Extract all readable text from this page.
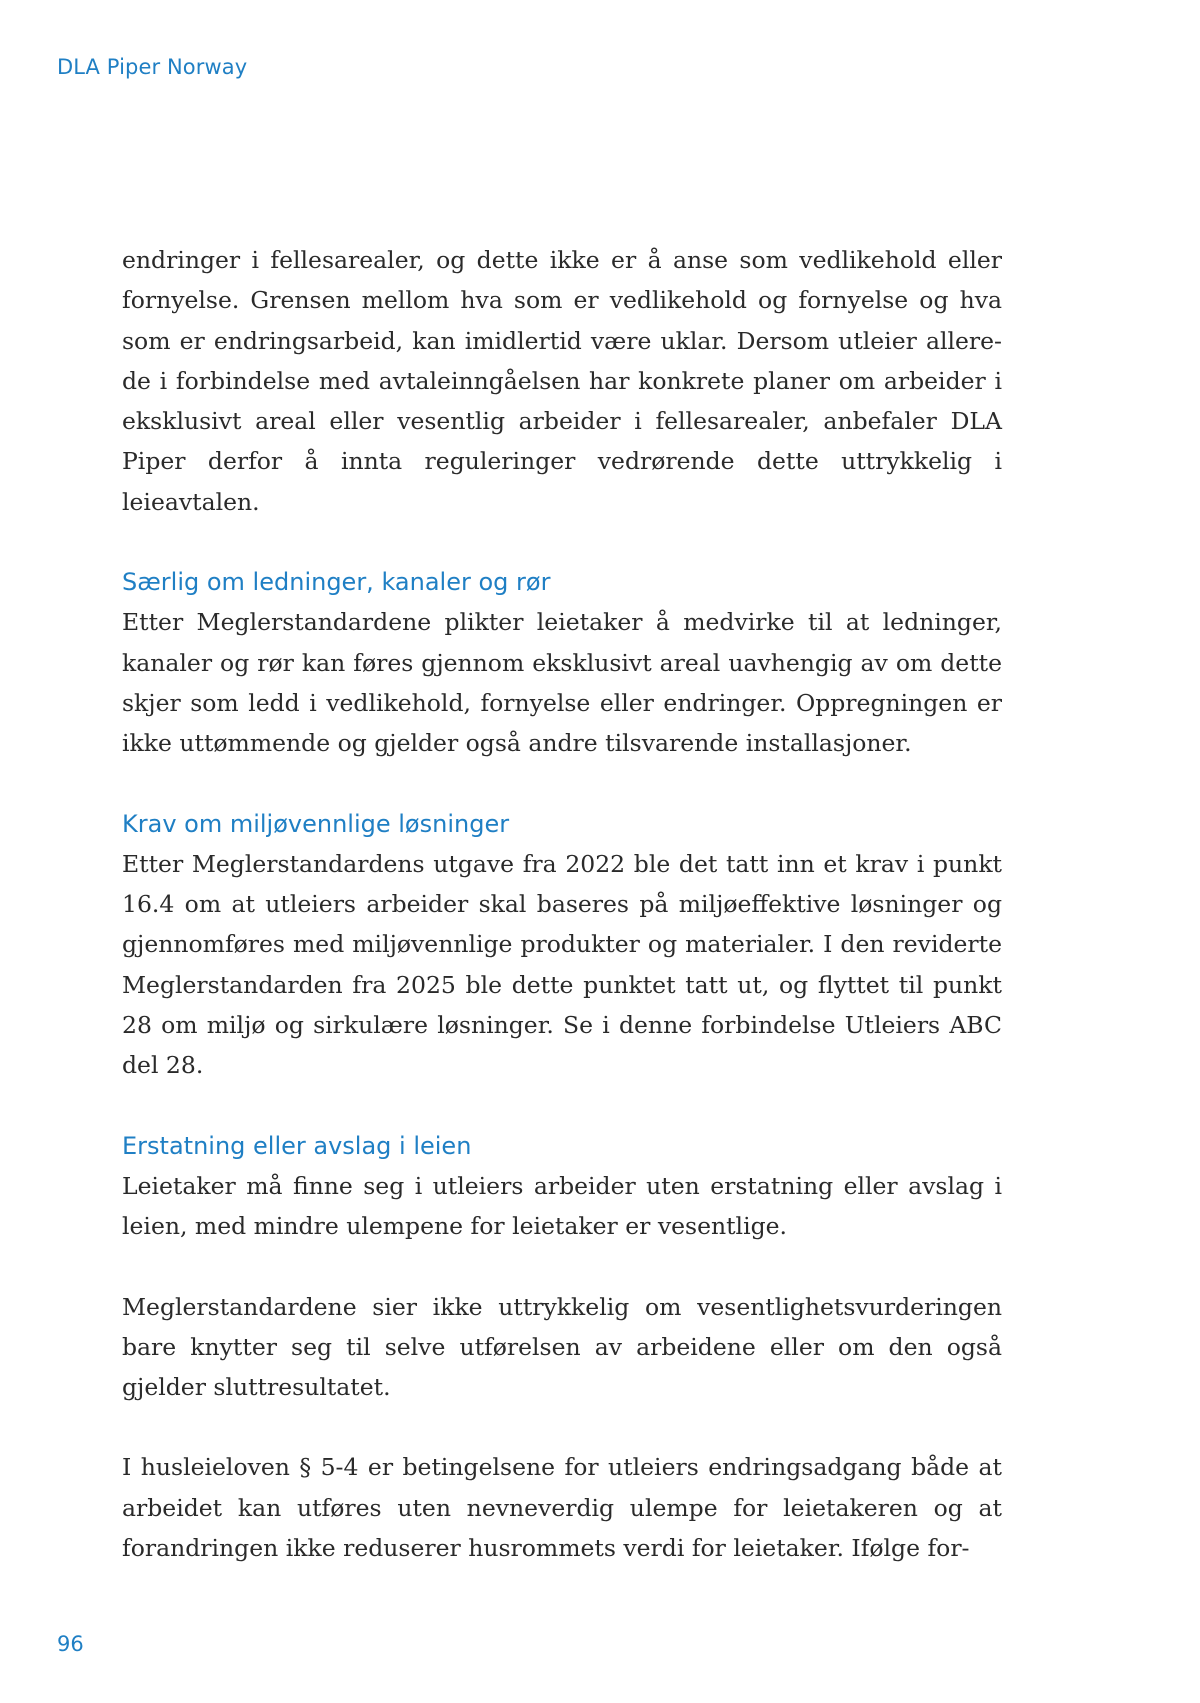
DLA Piper Norway

endringer i fellesarealer, og dette ikke er å anse som vedlikehold eller fornyelse. Grensen mellom hva som er vedlikehold og fornyelse og hva som er endringsarbeid, kan imidlertid være uklar. Dersom utleier allerede i forbindelse med avtaleinngåelsen har konkrete planer om arbeider i eksklusivt areal eller vesentlig arbeider i fellesarealer, anbefaler DLA Piper derfor å innta reguleringer vedrørende dette uttrykkelig i leieavtalen.

Særlig om ledninger, kanaler og rør

Etter Meglerstandardene plikter leietaker å medvirke til at ledninger, kanaler og rør kan føres gjennom eksklusivt areal uavhengig av om dette skjer som ledd i vedlikehold, fornyelse eller endringer. Oppregningen er ikke uttømmende og gjelder også andre tilsvarende installasjoner.

Krav om miljøvennlige løsninger

Etter Meglerstandardens utgave fra 2022 ble det tatt inn et krav i punkt 16.4 om at utleiers arbeider skal baseres på miljøeffektive løsninger og gjennomføres med miljøvennlige produkter og materialer. I den reviderte Meglerstandarden fra 2025 ble dette punktet tatt ut, og flyttet til punkt 28 om miljø og sirkulære løsninger. Se i denne forbindelse Utleiers ABC del 28.

Erstatning eller avslag i leien

Leietaker må finne seg i utleiers arbeider uten erstatning eller avslag i leien, med mindre ulempene for leietaker er vesentlige.

Meglerstandardene sier ikke uttrykkelig om vesentlighetsvurderingen bare knytter seg til selve utførelsen av arbeidene eller om den også gjelder sluttresultatet.

I husleieloven § 5-4 er betingelsene for utleiers endringsadgang både at arbeidet kan utføres uten nevneverdig ulempe for leietakeren og at forandringen ikke reduserer husrommets verdi for leietaker. Ifølge for-

96
